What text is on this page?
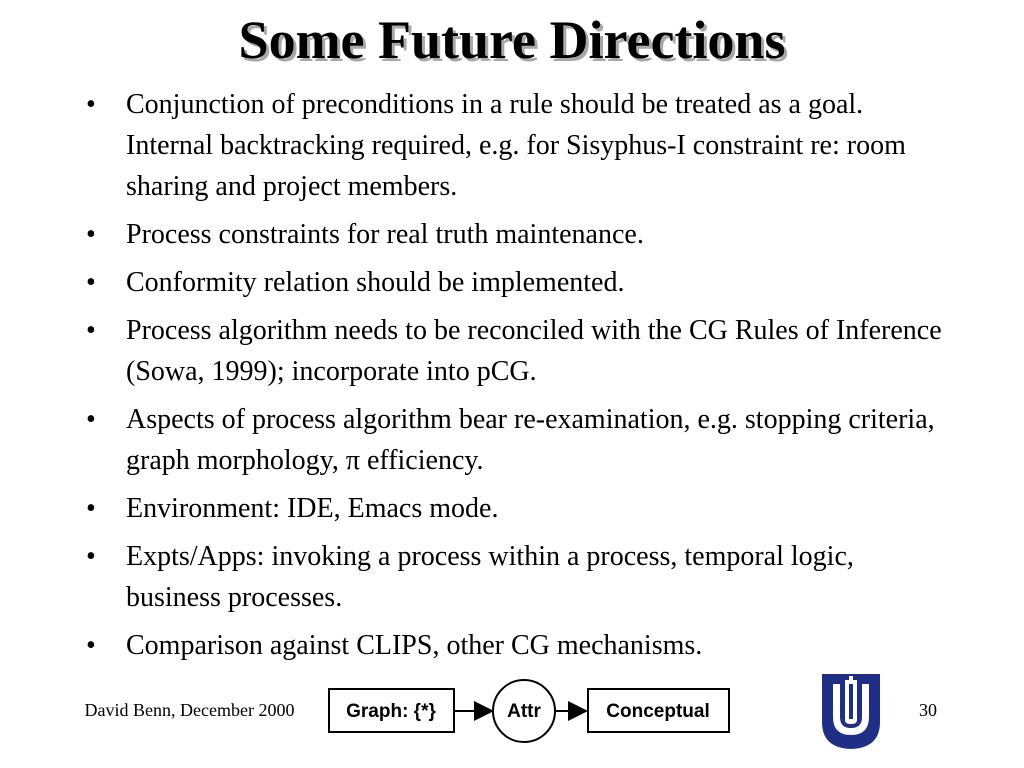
Some Future Directions
•	Conjunction of preconditions in a rule should be treated as a goal. Internal backtracking required, e.g. for Sisyphus-I constraint re: room sharing and project members.
•	Process constraints for real truth maintenance.
•	Conformity relation should be implemented.
•	Process algorithm needs to be reconciled with the CG Rules of Inference (Sowa, 1999); incorporate into pCG.
•	Aspects of process algorithm bear re-examination, e.g. stopping criteria, graph morphology, π efficiency.
•	Environment: IDE, Emacs mode.
•	Expts/Apps: invoking a process within a process, temporal logic, business processes.
•	Comparison against CLIPS, other CG mechanisms.
David Benn, December 2000	Graph: {*}	Attr	Conceptual	30
